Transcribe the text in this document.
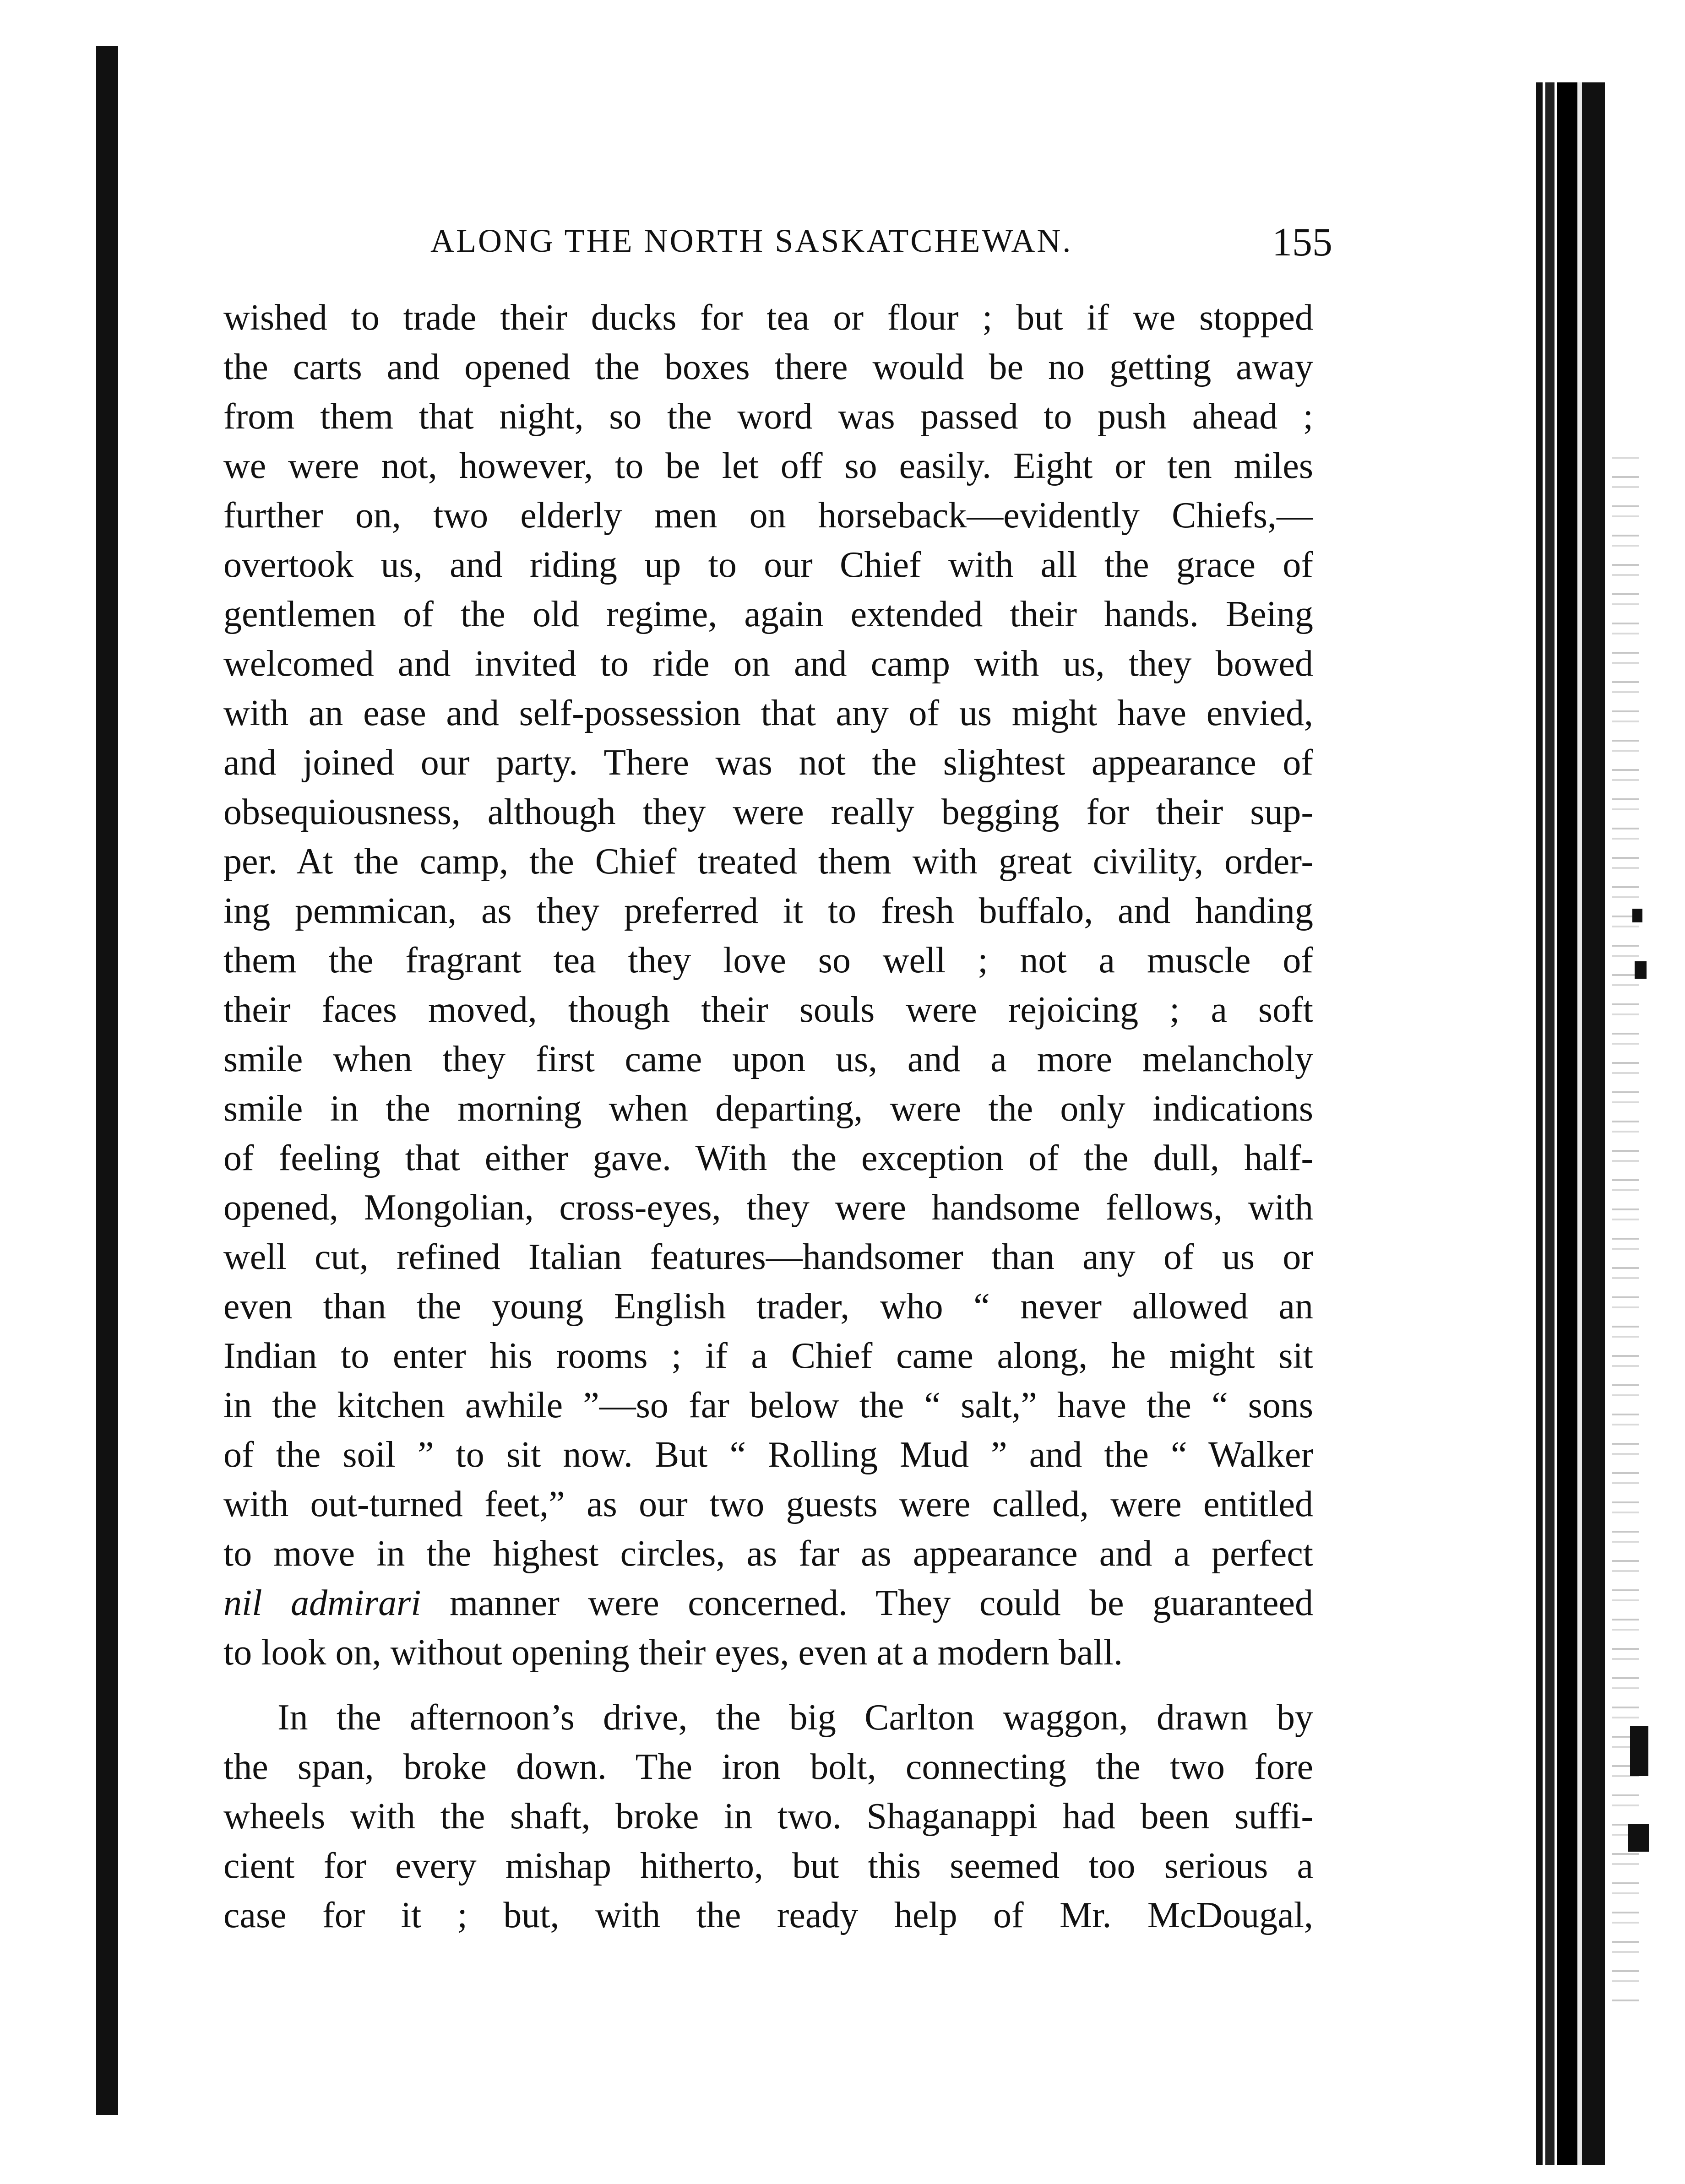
ALONG THE NORTH SASKATCHEWAN.	155
wished to trade their ducks for tea or flour ; but if we stopped
the carts and opened the boxes there would be no getting away
from them that night, so the word was passed to push ahead ;
we were not, however, to be let off so easily. Eight or ten miles
further on, two elderly men on horseback—evidently Chiefs,—
overtook us, and riding up to our Chief with all the grace of
gentlemen of the old regime, again extended their hands. Being
welcomed and invited to ride on and camp with us, they bowed
with an ease and self-possession that any of us might have envied,
and joined our party. There was not the slightest appearance of
obsequiousness, although they were really begging for their sup-
per. At the camp, the Chief treated them with great civility, order-
ing pemmican, as they preferred it to fresh buffalo, and handing
them the fragrant tea they love so well ; not a muscle of
their faces moved, though their souls were rejoicing ; a soft
smile when they first came upon us, and a more melancholy
smile in the morning when departing, were the only indications
of feeling that either gave. With the exception of the dull, half-
opened, Mongolian, cross-eyes, they were handsome fellows, with
well cut, refined Italian features—handsomer than any of us or
even than the young English trader, who “ never allowed an
Indian to enter his rooms ; if a Chief came along, he might sit
in the kitchen awhile ”—so far below the “ salt,” have the “ sons
of the soil ” to sit now. But “ Rolling Mud ” and the “ Walker
with out-turned feet,” as our two guests were called, were entitled
to move in the highest circles, as far as appearance and a perfect
nil admirari manner were concerned. They could be guaranteed
to look on, without opening their eyes, even at a modern ball.
In the afternoon’s drive, the big Carlton waggon, drawn by
the span, broke down. The iron bolt, connecting the two fore
wheels with the shaft, broke in two. Shaganappi had been suffi-
cient for every mishap hitherto, but this seemed too serious a
case for it ; but, with the ready help of Mr. McDougal,
